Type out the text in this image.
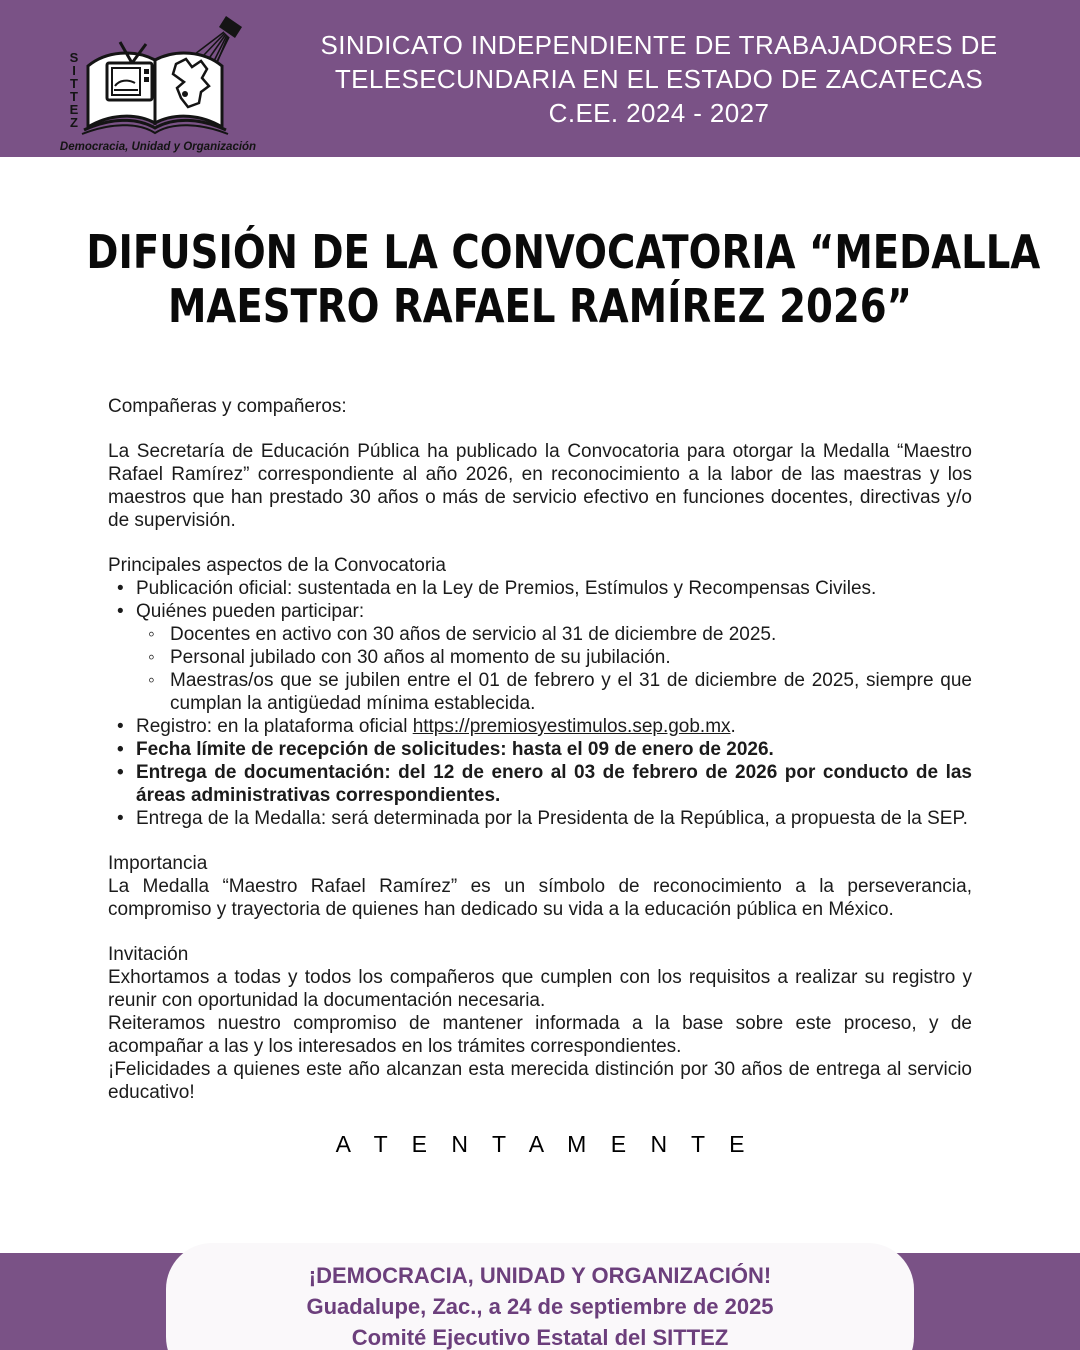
S
I
T
T
E
Z
Democracia, Unidad y Organización
SINDICATO INDEPENDIENTE DE TRABAJADORES DE
TELESECUNDARIA EN EL ESTADO DE ZACATECAS
C.EE. 2024 - 2027
DIFUSIÓN DE LA CONVOCATORIA “MEDALLA
MAESTRO RAFAEL RAMÍREZ 2026”
Compañeras y compañeros:

La Secretaría de Educación Pública ha publicado la Convocatoria para otorgar la Medalla “Maestro Rafael Ramírez” correspondiente al año 2026, en reconocimiento a la labor de las maestras y los maestros que han prestado 30 años o más de servicio efectivo en funciones docentes, directivas y/o de supervisión.

Principales aspectos de la Convocatoria
• Publicación oficial: sustentada en la Ley de Premios, Estímulos y Recompensas Civiles.
• Quiénes pueden participar:
◦ Docentes en activo con 30 años de servicio al 31 de diciembre de 2025.
◦ Personal jubilado con 30 años al momento de su jubilación.
◦ Maestras/os que se jubilen entre el 01 de febrero y el 31 de diciembre de 2025, siempre que cumplan la antigüedad mínima establecida.
• Registro: en la plataforma oficial https://premiosyestimulos.sep.gob.mx.
• Fecha límite de recepción de solicitudes: hasta el 09 de enero de 2026.
• Entrega de documentación: del 12 de enero al 03 de febrero de 2026 por conducto de las áreas administrativas correspondientes.
• Entrega de la Medalla: será determinada por la Presidenta de la República, a propuesta de la SEP.
Importancia
La Medalla “Maestro Rafael Ramírez” es un símbolo de reconocimiento a la perseverancia, compromiso y trayectoria de quienes han dedicado su vida a la educación pública en México.
Invitación
Exhortamos a todas y todos los compañeros que cumplen con los requisitos a realizar su registro y reunir con oportunidad la documentación necesaria.
Reiteramos nuestro compromiso de mantener informada a la base sobre este proceso, y de acompañar a las y los interesados en los trámites correspondientes.
¡Felicidades a quienes este año alcanzan esta merecida distinción por 30 años de entrega al servicio educativo!
A T E N T A M E N T E
¡DEMOCRACIA, UNIDAD Y ORGANIZACIÓN!
Guadalupe, Zac., a 24 de septiembre de 2025
Comité Ejecutivo Estatal del SITTEZ
